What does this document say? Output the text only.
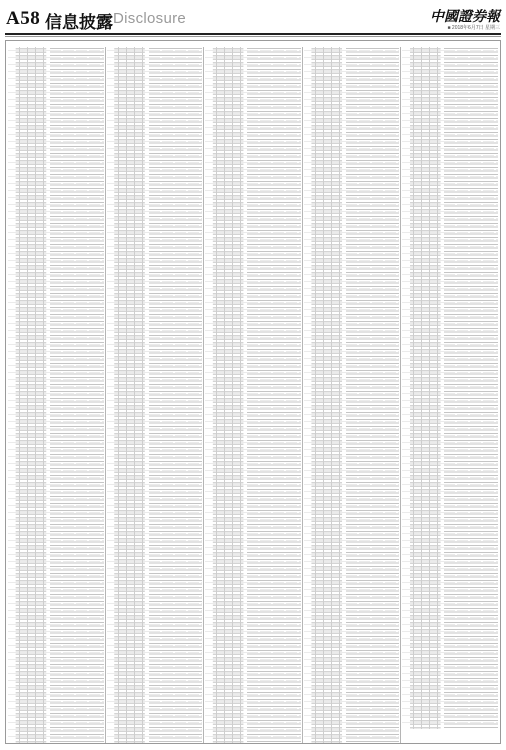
A58 信息披露 Disclosure	中國證券報
■ 2018年6月7日 星期三
